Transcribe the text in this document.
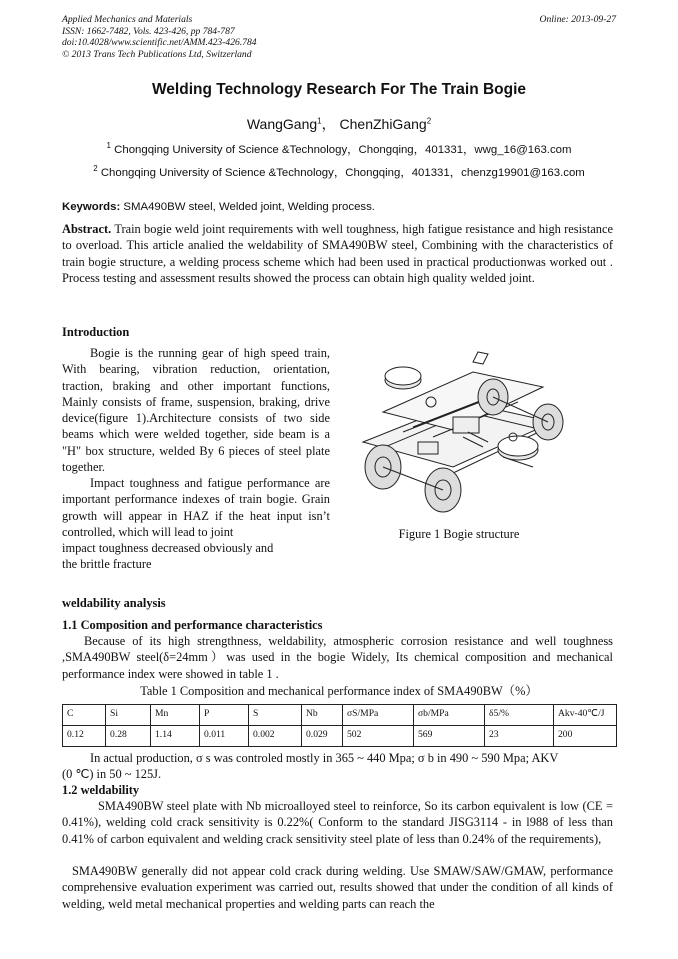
Applied Mechanics and Materials
ISSN: 1662-7482, Vols. 423-426, pp 784-787
doi:10.4028/www.scientific.net/AMM.423-426.784
© 2013 Trans Tech Publications Ltd, Switzerland
Online: 2013-09-27
Welding Technology Research For The Train Bogie
WangGang$^1$， ChenZhiGang$^2$
$^1$ Chongqing University of Science &Technology，Chongqing，401331，wwg_16@163.com
$^2$ Chongqing University of Science &Technology，Chongqing，401331，chenzg19901@163.com
Keywords: SMA490BW steel, Welded joint, Welding process.
Abstract. Train bogie weld joint requirements with well toughness, high fatigue resistance and high resistance to overload. This article analied the weldability of SMA490BW steel, Combining with the characteristics of train bogie structure, a welding process scheme which had been used in practical productionwas worked out . Process testing and assessment results showed the process can obtain high quality welded joint.
Introduction
Bogie is the running gear of high speed train, With bearing, vibration reduction, orientation, traction, braking and other important functions, Mainly consists of frame, suspension, braking, drive device(figure 1).Architecture consists of two side beams which were welded together, side beam is a "H" box structure, welded By 6 pieces of steel plate together.
Impact toughness and fatigue performance are important performance indexes of train bogie. Grain growth will appear in HAZ if the heat input isn’t controlled, which will lead to joint
impact toughness decreased obviously and
the brittle fracture
Figure 1 Bogie structure
weldability analysis
1.1 Composition and performance characteristics
Because of its high strengthness, weldability, atmospheric corrosion resistance and well toughness ,SMA490BW steel(δ=24mm）was used in the bogie Widely, Its chemical composition and mechanical performance index were showed in table 1 .
Table 1 Composition and mechanical performance index of SMA490BW（%）
C	Si	Mn	P	S	Nb	σS/MPa	σb/MPa	δ5/%	Akv-40℃/J
0.12	0.28	1.14	0.011	0.002	0.029	502	569	23	200
In actual production, σ s was controled mostly in 365 ~ 440 Mpa; σ b in 490 ~ 590 Mpa; AKV
(0 ℃) in 50 ~ 125J.
1.2 weldability
SMA490BW steel plate with Nb microalloyed steel to reinforce, So its carbon equivalent is low (CE = 0.41%), welding cold crack sensitivity is 0.22%( Conform to the standard JISG3114 - in l988 of less than 0.41% of carbon equivalent and welding crack sensitivity steel plate of less than 0.24% of the requirements),
SMA490BW generally did not appear cold crack during welding. Use SMAW/SAW/GMAW, performance comprehensive evaluation experiment was carried out, results showed that under the condition of all kinds of welding, weld metal mechanical properties and welding parts can reach the
